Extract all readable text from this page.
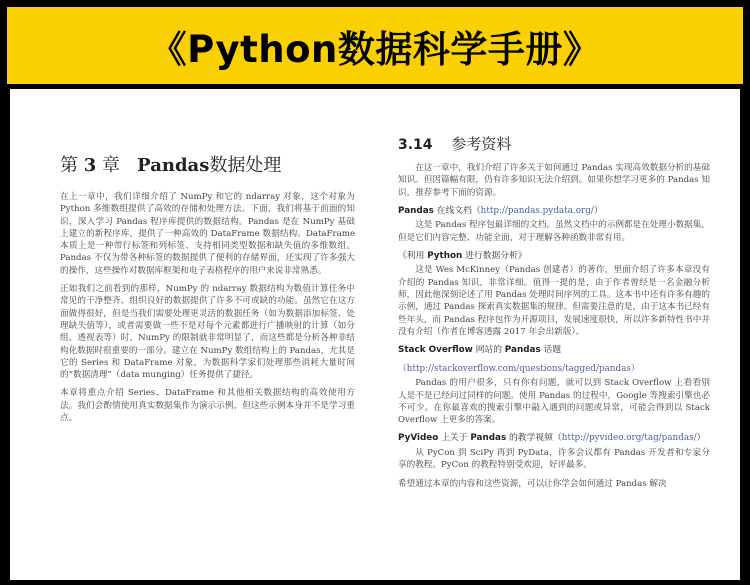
《Python数据科学手册》
第 3 章 Pandas数据处理

在上一章中，我们详细介绍了 NumPy 和它的 ndarray 对象，这个对象为 Python 多维数组提供了高效的存储和处理方法。下面，我们将基于前面的知识，深入学习 Pandas 程序库提供的数据结构。Pandas 是在 NumPy 基础上建立的新程序库，提供了一种高效的 DataFrame 数据结构。DataFrame 本质上是一种带行标签和列标签、支持相同类型数据和缺失值的多维数组。Pandas 不仅为带各种标签的数据提供了便利的存储界面，还实现了许多强大的操作，这些操作对数据库框架和电子表格程序的用户来说非常熟悉。

正如我们之前看到的那样，NumPy 的 ndarray 数据结构为数值计算任务中常见的干净整齐、组织良好的数据提供了许多不可或缺的功能。虽然它在这方面做得很好，但是当我们需要处理更灵活的数据任务（如为数据添加标签、处理缺失值等），或者需要做一些不是对每个元素都进行广播映射的计算（如分组、透视表等）时，NumPy 的限制就非常明显了，而这些都是分析各种非结构化数据时很重要的一部分。建立在 NumPy 数组结构上的 Pandas，尤其是它的 Series 和 DataFrame 对象，为数据科学家们处理那些消耗大量时间的“数据清理”（data munging）任务提供了捷径。

本章将重点介绍 Series、DataFrame 和其他相关数据结构的高效使用方法。我们会酌情使用真实数据集作为演示示例，但这些示例本身并不是学习重点。

3.14 参考资料

在这一章中，我们介绍了许多关于如何通过 Pandas 实现高效数据分析的基础知识。但因篇幅有限，仍有许多知识无法介绍到。如果你想学习更多的 Pandas 知识，推荐参考下面的资源。

Pandas 在线文档（http://pandas.pydata.org/）

这是 Pandas 程序包最详细的文档。虽然文档中的示例都是在处理小数据集，但是它们内容完整、功能全面，对于理解各种函数非常有用。

《利用 Python 进行数据分析》

这是 Wes McKinney（Pandas 创建者）的著作，里面介绍了许多本章没有介绍的 Pandas 知识，非常详细。值得一提的是，由于作者曾经是一名金融分析师，因此他深刻论述了用 Pandas 处理时间序列的工具。这本书中还有许多有趣的示例，通过 Pandas 探索真实数据集的规律。但需要注意的是，由于这本书已经有些年头，而 Pandas 程序包作为开源项目，发展速度很快，所以许多新特性书中并没有介绍（作者在博客透露 2017 年会出新版）。

Stack Overflow 网站的 Pandas 话题
（http://stackoverflow.com/questions/tagged/pandas）

Pandas 的用户很多，只有你有问题，就可以到 Stack Overflow 上看看别人是不是已经问过同样的问题。使用 Pandas 的过程中，Google 等搜索引擎也必不可少。在你最喜欢的搜索引擎中敲入遇到的问题或异常，可能会得到以 Stack Overflow 上更多的答案。

PyVideo 上关于 Pandas 的教学视频（http://pyvideo.org/tag/pandas/）

从 PyCon 到 SciPy 再到 PyData，许多会议都有 Pandas 开发者和专家分享的教程。PyCon 的教程特别受欢迎，好评最多。

希望通过本章的内容和这些资源，可以让你学会如何通过 Pandas 解决
